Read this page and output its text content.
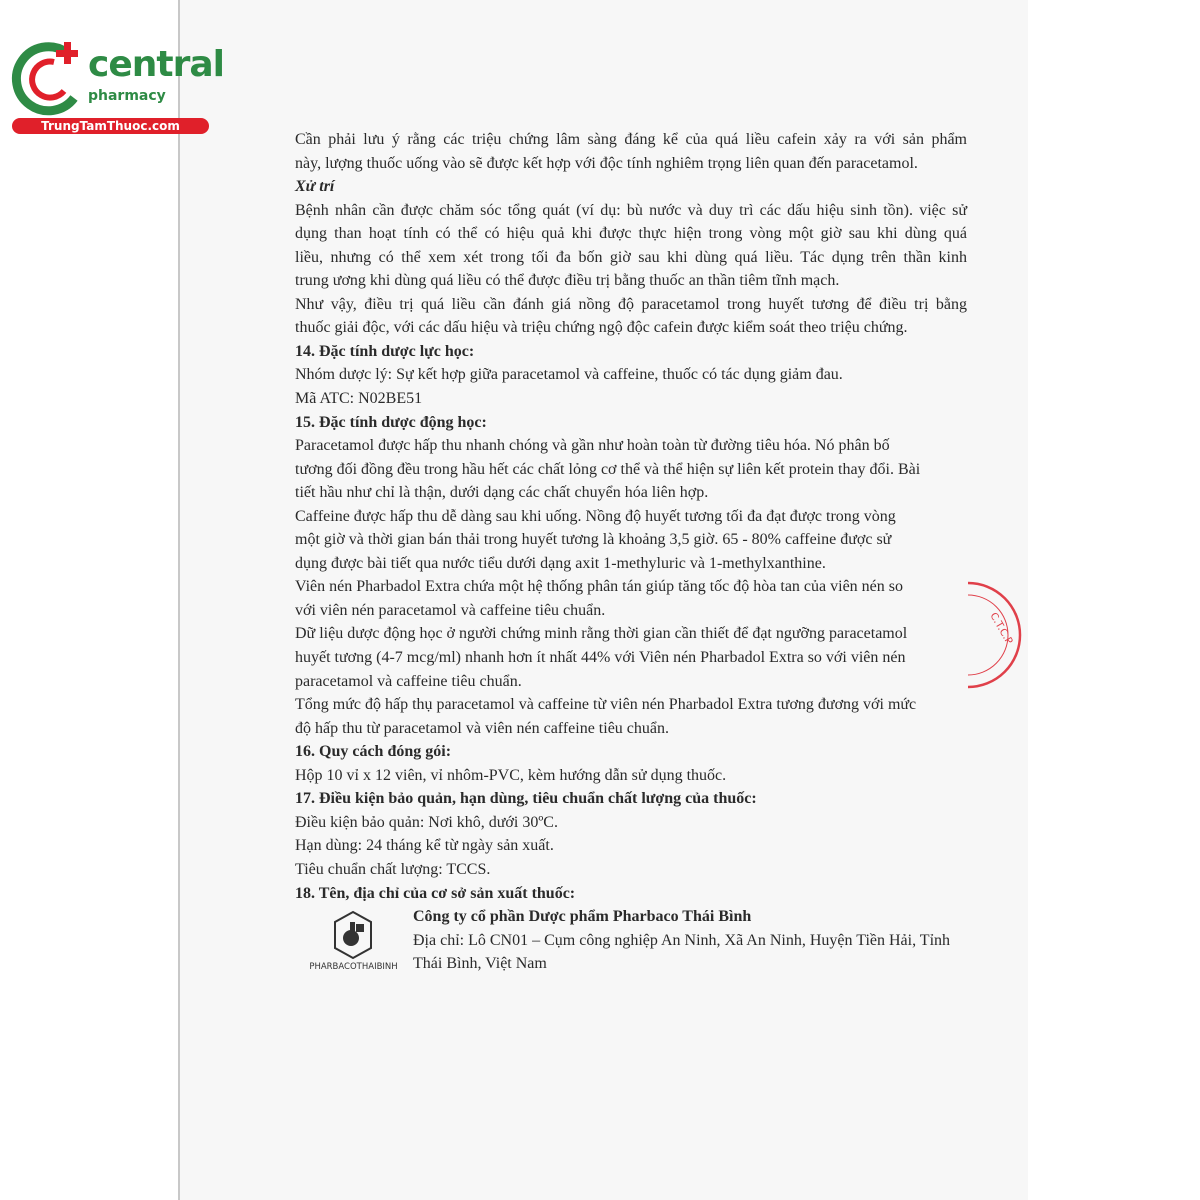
central
pharmacy
TrungTamThuoc.com
Cần phải lưu ý rằng các triệu chứng lâm sàng đáng kể của quá liều cafein xảy ra với sản phẩm
này, lượng thuốc uống vào sẽ được kết hợp với độc tính nghiêm trọng liên quan đến paracetamol.
Xử trí
Bệnh nhân cần được chăm sóc tổng quát (ví dụ: bù nước và duy trì các dấu hiệu sinh tồn). việc sử
dụng than hoạt tính có thể có hiệu quả khi được thực hiện trong vòng một giờ sau khi dùng quá
liều, nhưng có thể xem xét trong tối đa bốn giờ sau khi dùng quá liều. Tác dụng trên thần kinh
trung ương khi dùng quá liều có thể được điều trị bằng thuốc an thần tiêm tĩnh mạch.
Như vậy, điều trị quá liều cần đánh giá nồng độ paracetamol trong huyết tương để điều trị bằng
thuốc giải độc, với các dấu hiệu và triệu chứng ngộ độc cafein được kiểm soát theo triệu chứng.
14. Đặc tính dược lực học:
Nhóm dược lý: Sự kết hợp giữa paracetamol và caffeine, thuốc có tác dụng giảm đau.
Mã ATC: N02BE51
15. Đặc tính dược động học:
Paracetamol được hấp thu nhanh chóng và gần như hoàn toàn từ đường tiêu hóa. Nó phân bố
tương đối đồng đều trong hầu hết các chất lỏng cơ thể và thể hiện sự liên kết protein thay đổi. Bài
tiết hầu như chỉ là thận, dưới dạng các chất chuyển hóa liên hợp.
Caffeine được hấp thu dễ dàng sau khi uống. Nồng độ huyết tương tối đa đạt được trong vòng
một giờ và thời gian bán thải trong huyết tương là khoảng 3,5 giờ. 65 - 80% caffeine được sử
dụng được bài tiết qua nước tiểu dưới dạng axit 1-methyluric và 1-methylxanthine.
Viên nén Pharbadol Extra chứa một hệ thống phân tán giúp tăng tốc độ hòa tan của viên nén so
với viên nén paracetamol và caffeine tiêu chuẩn.
Dữ liệu dược động học ở người chứng minh rằng thời gian cần thiết để đạt ngưỡng paracetamol
huyết tương (4-7 mcg/ml) nhanh hơn ít nhất 44% với Viên nén Pharbadol Extra so với viên nén
paracetamol và caffeine tiêu chuẩn.
Tổng mức độ hấp thụ paracetamol và caffeine từ viên nén Pharbadol Extra tương đương với mức
độ hấp thu từ paracetamol và viên nén caffeine tiêu chuẩn.
16. Quy cách đóng gói:
Hộp 10 vỉ x 12 viên, vỉ nhôm-PVC, kèm hướng dẫn sử dụng thuốc.
17. Điều kiện bảo quản, hạn dùng, tiêu chuẩn chất lượng của thuốc:
Điều kiện bảo quản: Nơi khô, dưới 30ºC.
Hạn dùng: 24 tháng kể từ ngày sản xuất.
Tiêu chuẩn chất lượng: TCCS.
18. Tên, địa chỉ của cơ sở sản xuất thuốc:
PHARBACOTHAIBINH
Công ty cổ phần Dược phẩm Pharbaco Thái Bình
Địa chỉ: Lô CN01 – Cụm công nghiệp An Ninh, Xã An Ninh, Huyện Tiền Hải, Tỉnh
Thái Bình, Việt Nam
C.T.C.P
